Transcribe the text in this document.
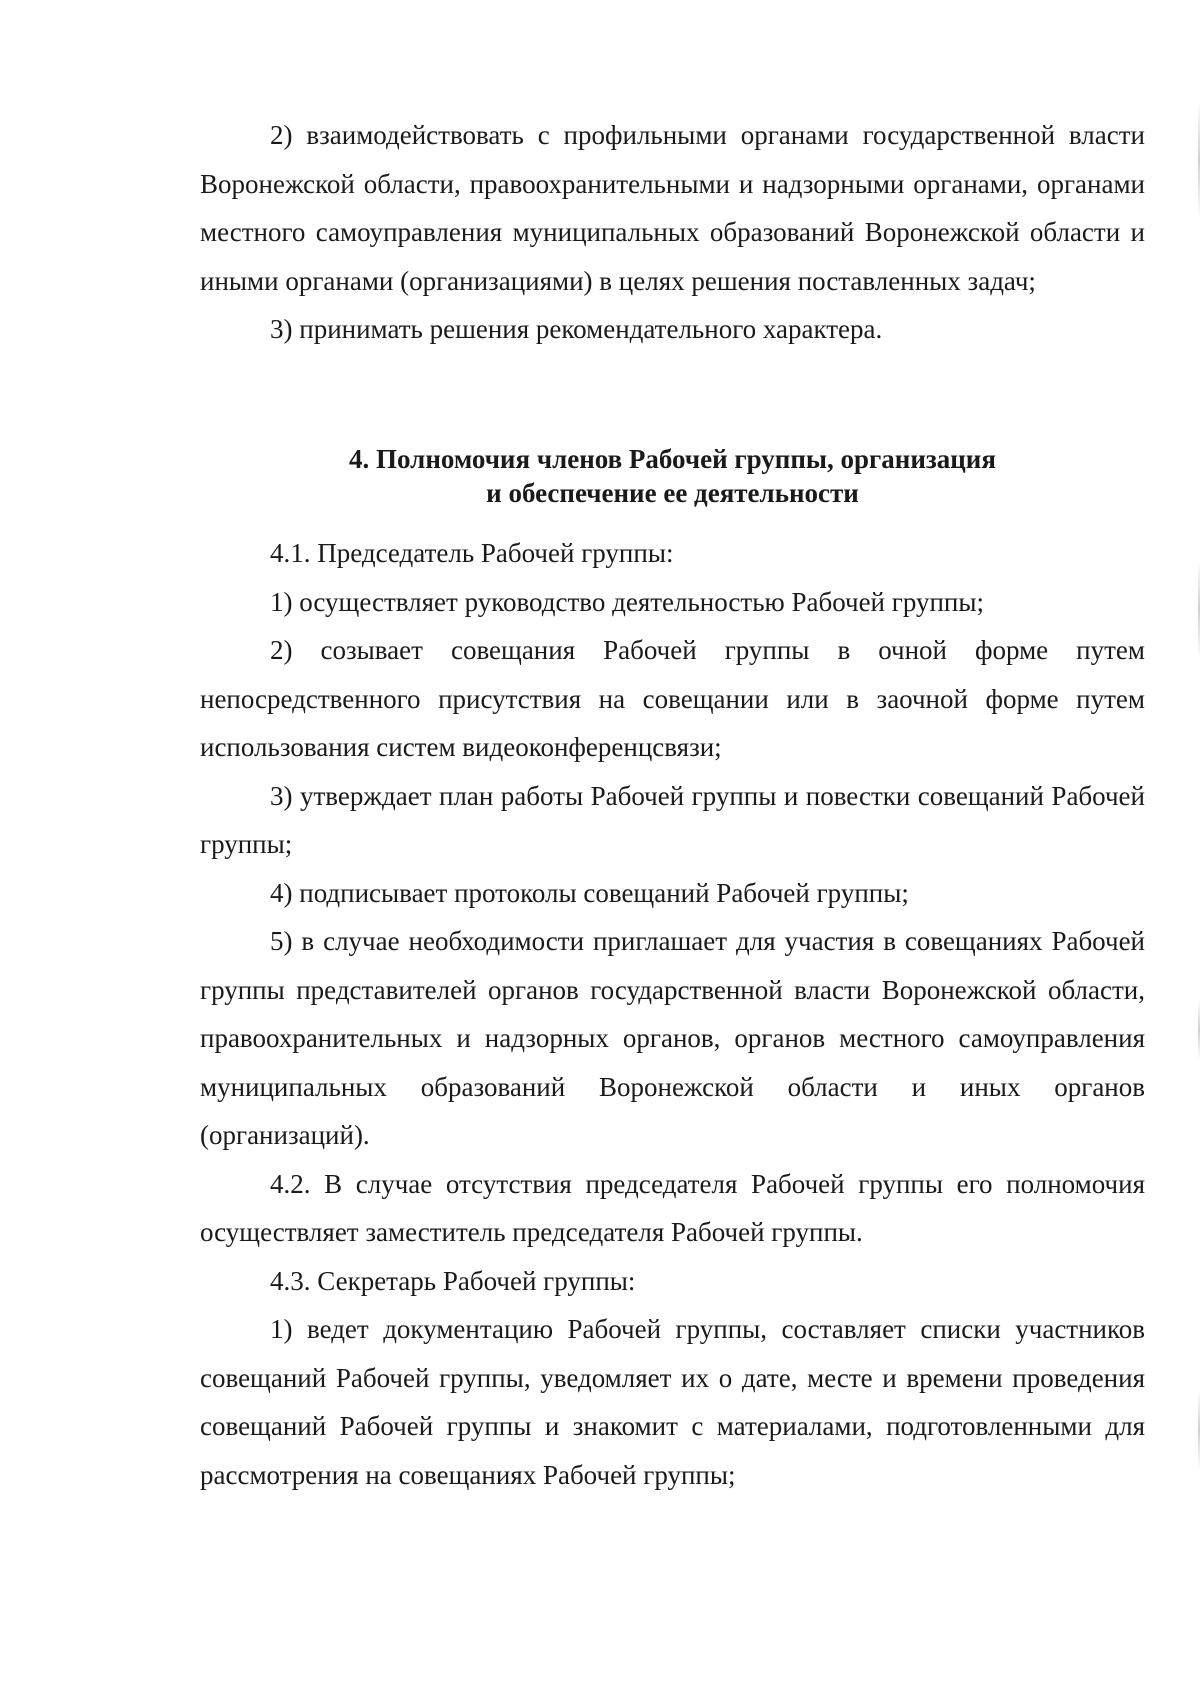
2) взаимодействовать с профильными органами государственной власти Воронежской области, правоохранительными и надзорными органами, органами местного самоуправления муниципальных образований Воронежской области и иными органами (организациями) в целях решения поставленных задач;

3) принимать решения рекомендательного характера.

4. Полномочия членов Рабочей группы, организация
и обеспечение ее деятельности

4.1. Председатель Рабочей группы:

1) осуществляет руководство деятельностью Рабочей группы;

2) созывает совещания Рабочей группы в очной форме путем непосредственного присутствия на совещании или в заочной форме путем использования систем видеоконференцсвязи;

3) утверждает план работы Рабочей группы и повестки совещаний Рабочей группы;

4) подписывает протоколы совещаний Рабочей группы;

5) в случае необходимости приглашает для участия в совещаниях Рабочей группы представителей органов государственной власти Воронежской области, правоохранительных и надзорных органов, органов местного самоуправления муниципальных образований Воронежской области и иных органов (организаций).

4.2. В случае отсутствия председателя Рабочей группы его полномочия осуществляет заместитель председателя Рабочей группы.

4.3. Секретарь Рабочей группы:

1) ведет документацию Рабочей группы, составляет списки участников совещаний Рабочей группы, уведомляет их о дате, месте и времени проведения совещаний Рабочей группы и знакомит с материалами, подготовленными для рассмотрения на совещаниях Рабочей группы;
